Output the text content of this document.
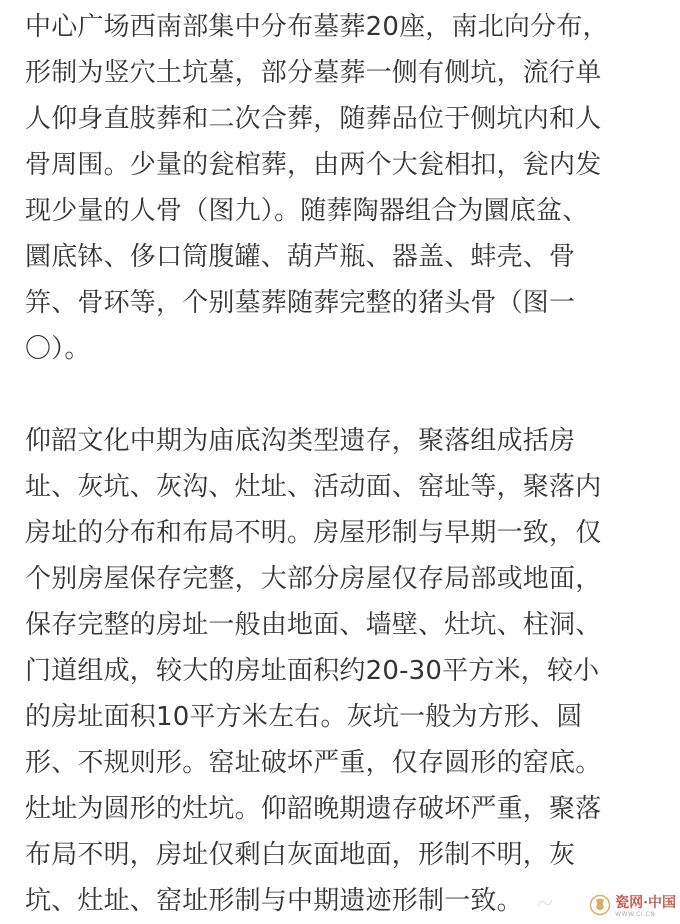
中心广场西南部集中分布墓葬20座，南北向分布，
形制为竖穴土坑墓，部分墓葬一侧有侧坑，流行单
人仰身直肢葬和二次合葬，随葬品位于侧坑内和人
骨周围。少量的瓮棺葬，由两个大瓮相扣，瓮内发
现少量的人骨（图九）。随葬陶器组合为圜底盆、
圜底钵、侈口筒腹罐、葫芦瓶、器盖、蚌壳、骨
笄、骨环等，个别墓葬随葬完整的猪头骨（图一
〇）。
仰韶文化中期为庙底沟类型遗存，聚落组成括房
址、灰坑、灰沟、灶址、活动面、窑址等，聚落内
房址的分布和布局不明。房屋形制与早期一致，仅
个别房屋保存完整，大部分房屋仅存局部或地面，
保存完整的房址一般由地面、墙壁、灶坑、柱洞、
门道组成，较大的房址面积约20-30平方米，较小
的房址面积10平方米左右。灰坑一般为方形、圆
形、不规则形。窑址破坏严重，仅存圆形的窑底。
灶址为圆形的灶坑。仰韶晚期遗存破坏严重，聚落
布局不明，房址仅剩白灰面地面，形制不明，灰
坑、灶址、窑址形制与中期遗迹形制一致。	瓷网·中国
WWW.CI.CN
